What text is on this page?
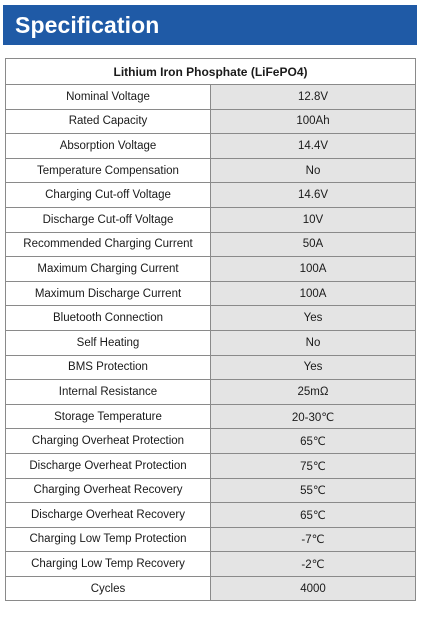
Specification
Lithium Iron Phosphate (LiFePO4)	
Nominal Voltage	12.8V
Rated Capacity	100Ah
Absorption Voltage	14.4V
Temperature Compensation	No
Charging Cut-off Voltage	14.6V
Discharge Cut-off Voltage	10V
Recommended Charging Current	50A
Maximum Charging Current	100A
Maximum Discharge Current	100A
Bluetooth Connection	Yes
Self Heating	No
BMS Protection	Yes
Internal Resistance	25mΩ
Storage Temperature	20-30℃
Charging Overheat Protection	65℃
Discharge Overheat Protection	75℃
Charging Overheat Recovery	55℃
Discharge Overheat Recovery	65℃
Charging Low Temp Protection	-7℃
Charging Low Temp Recovery	-2℃
Cycles	4000
